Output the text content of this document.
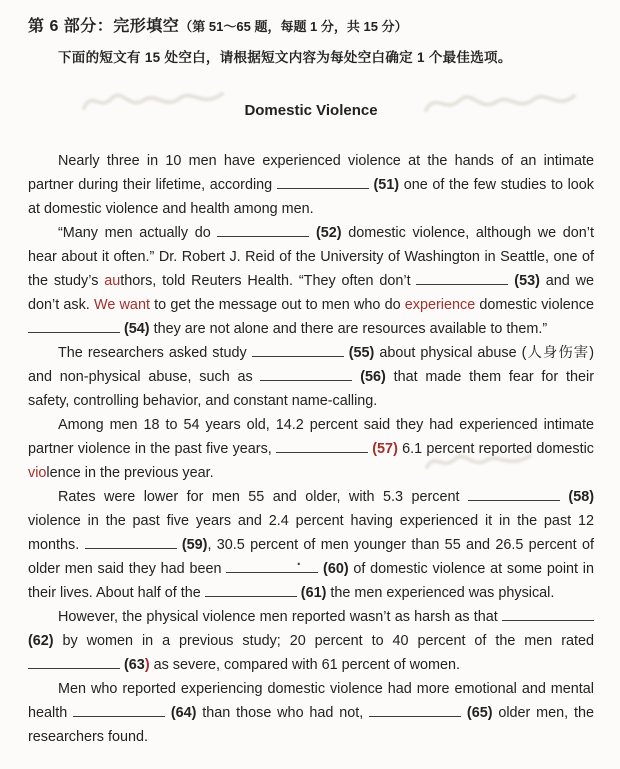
第 6 部分：完形填空（第 51～65 题，每题 1 分，共 15 分）
下面的短文有 15 处空白，请根据短文内容为每处空白确定 1 个最佳选项。
Domestic Violence

Nearly three in 10 men have experienced violence at the hands of an intimate partner during their lifetime, according	(51) one of the few studies to look at domestic violence and health among men.

“Many men actually do	(52) domestic violence, although we don’t hear about it often.” Dr. Robert J. Reid of the University of Washington in Seattle, one of the study’s authors, told Reuters Health. “They often don’t	(53) and we don’t ask. We want to get the message out to men who do experience domestic violence  (54) they are not alone and there are resources available to them.”

The researchers asked study	(55) about physical abuse (人身伤害) and non-physical abuse, such as	(56) that made them fear for their safety, controlling behavior, and constant name-calling.

Among men 18 to 54 years old, 14.2 percent said they had experienced intimate partner violence in the past five years,	(57) 6.1 percent reported domestic violence in the previous year.

Rates were lower for men 55 and older, with 5.3 percent	(58) violence in the past five years and 2.4 percent having experienced it in the past 12 months.	(59), 30.5 percent of men younger than 55 and 26.5 percent of older men said they had been ·	(60) of domestic violence at some point in their lives. About half of the	(61) the men experienced was physical.

However, the physical violence men reported wasn’t as harsh as that  (62) by women in a previous study; 20 percent to 40 percent of the men rated  (63) as severe, compared with 61 percent of women.

Men who reported experiencing domestic violence had more emotional and mental health	(64) than those who had not,	(65) older men, the researchers found.
